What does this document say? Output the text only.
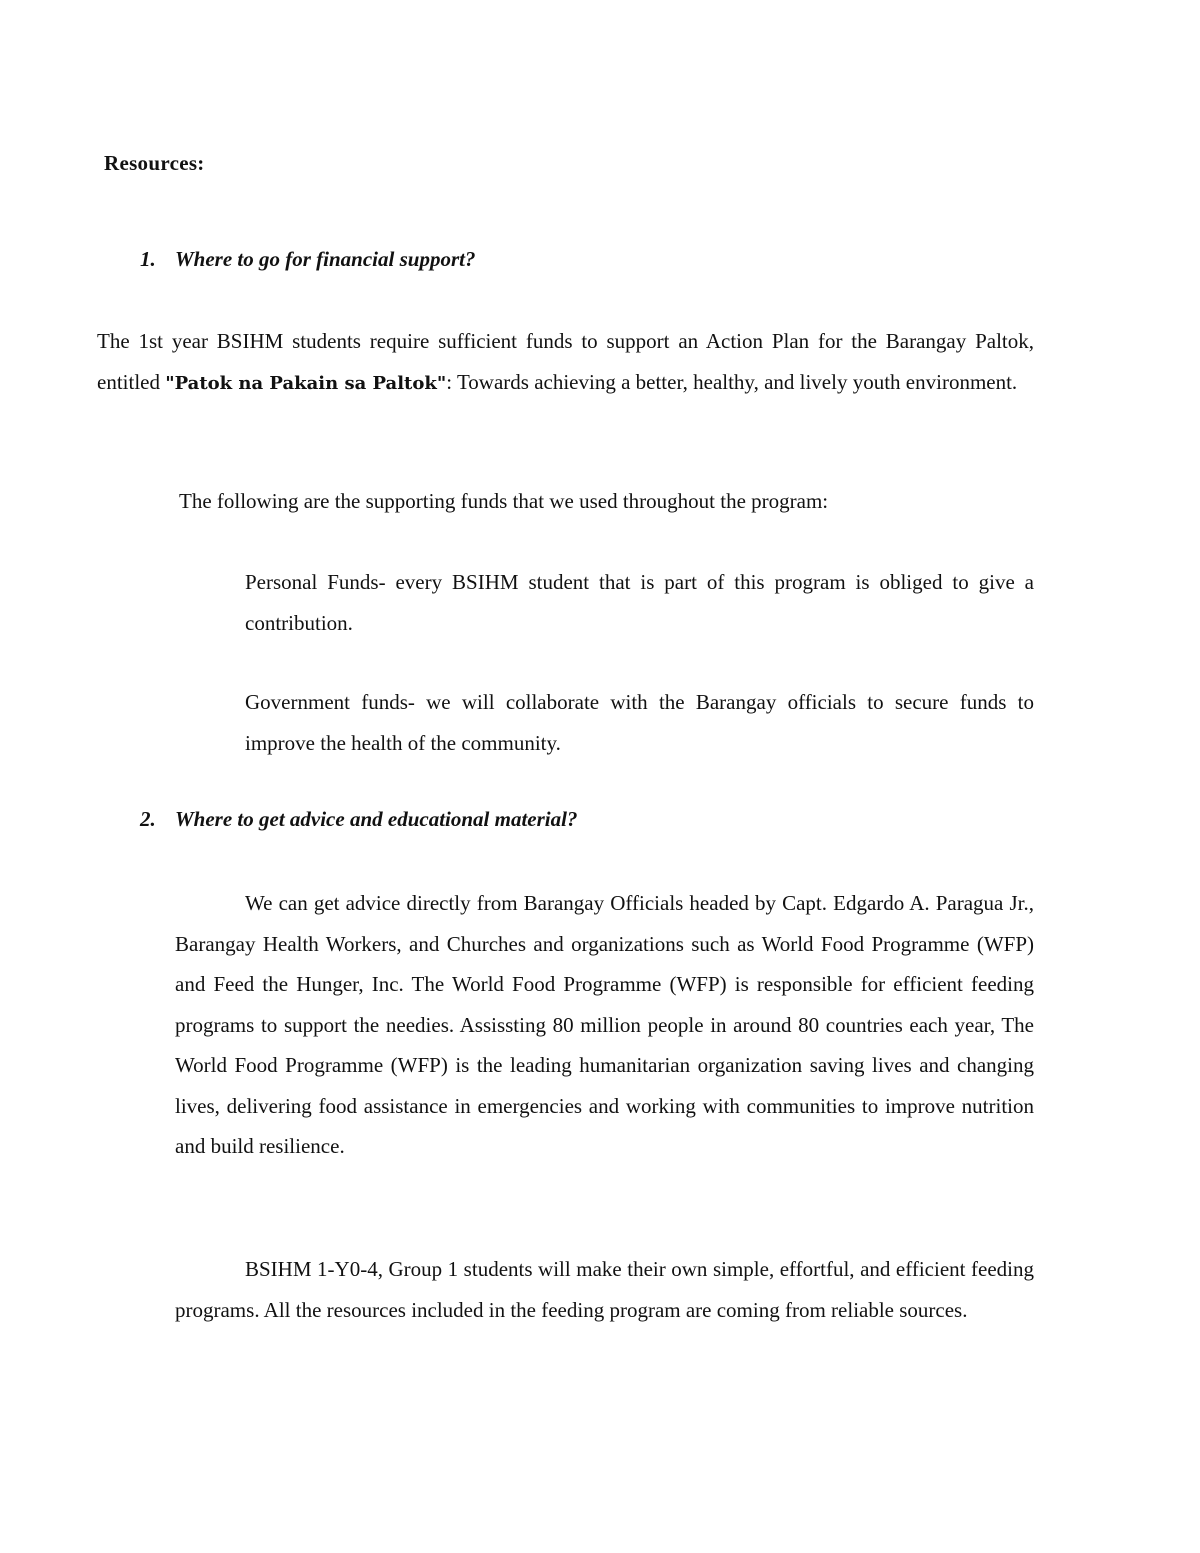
Resources:
1. Where to go for financial support?
The 1st year BSIHM students require sufficient funds to support an Action Plan for the Barangay Paltok, entitled "Patok na Pakain sa Paltok": Towards achieving a better, healthy, and lively youth environment.
The following are the supporting funds that we used throughout the program:
Personal Funds- every BSIHM student that is part of this program is obliged to give a contribution.
Government funds- we will collaborate with the Barangay officials to secure funds to improve the health of the community.
2. Where to get advice and educational material?
We can get advice directly from Barangay Officials headed by Capt. Edgardo A. Paragua Jr., Barangay Health Workers, and Churches and organizations such as World Food Programme (WFP) and Feed the Hunger, Inc. The World Food Programme (WFP) is responsible for efficient feeding programs to support the needies. Assissting 80 million people in around 80 countries each year, The World Food Programme (WFP) is the leading humanitarian organization saving lives and changing lives, delivering food assistance in emergencies and working with communities to improve nutrition and build resilience.
BSIHM 1-Y0-4, Group 1 students will make their own simple, effortful, and efficient feeding programs. All the resources included in the feeding program are coming from reliable sources.
